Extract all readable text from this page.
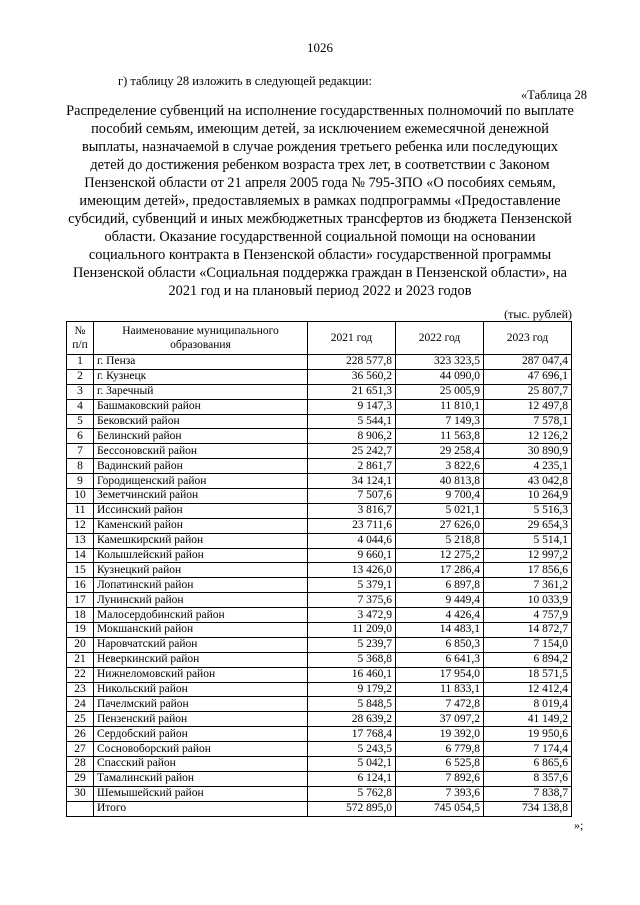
1026
г) таблицу 28 изложить в следующей редакции:
«Таблица 28

Распределение субвенций на исполнение государственных полномочий по выплате пособий семьям, имеющим детей, за исключением ежемесячной денежной выплаты, назначаемой в случае рождения третьего ребенка или последующих детей до достижения ребенком возраста трех лет, в соответствии с Законом Пензенской области от 21 апреля 2005 года № 795-ЗПО «О пособиях семьям, имеющим детей», предоставляемых в рамках подпрограммы «Предоставление субсидий, субвенций и иных межбюджетных трансфертов из бюджета Пензенской области. Оказание государственной социальной помощи на основании социального контракта в Пензенской области» государственной программы Пензенской области «Социальная поддержка граждан в Пензенской области», на 2021 год и на плановый период 2022 и 2023 годов

(тыс. рублей)
№ п/п	Наименование муниципального образования	2021 год	2022 год	2023 год
1	г. Пенза	228 577,8	323 323,5	287 047,4
2	г. Кузнецк	36 560,2	44 090,0	47 696,1
3	г. Заречный	21 651,3	25 005,9	25 807,7
4	Башмаковский район	9 147,3	11 810,1	12 497,8
5	Бековский район	5 544,1	7 149,3	7 578,1
6	Белинский район	8 906,2	11 563,8	12 126,2
7	Бессоновский район	25 242,7	29 258,4	30 890,9
8	Вадинский район	2 861,7	3 822,6	4 235,1
9	Городищенский район	34 124,1	40 813,8	43 042,8
10	Земетчинский район	7 507,6	9 700,4	10 264,9
11	Иссинский район	3 816,7	5 021,1	5 516,3
12	Каменский район	23 711,6	27 626,0	29 654,3
13	Камешкирский район	4 044,6	5 218,8	5 514,1
14	Колышлейский район	9 660,1	12 275,2	12 997,2
15	Кузнецкий район	13 426,0	17 286,4	17 856,6
16	Лопатинский район	5 379,1	6 897,8	7 361,2
17	Лунинский район	7 375,6	9 449,4	10 033,9
18	Малосердобинский район	3 472,9	4 426,4	4 757,9
19	Мокшанский район	11 209,0	14 483,1	14 872,7
20	Наровчатский район	5 239,7	6 850,3	7 154,0
21	Неверкинский район	5 368,8	6 641,3	6 894,2
22	Нижнеломовский район	16 460,1	17 954,0	18 571,5
23	Никольский район	9 179,2	11 833,1	12 412,4
24	Пачелмский район	5 848,5	7 472,8	8 019,4
25	Пензенский район	28 639,2	37 097,2	41 149,2
26	Сердобский район	17 768,4	19 392,0	19 950,6
27	Сосновоборский район	5 243,5	6 779,8	7 174,4
28	Спасский район	5 042,1	6 525,8	6 865,6
29	Тамалинский район	6 124,1	7 892,6	8 357,6
30	Шемышейский район	5 762,8	7 393,6	7 838,7
	Итого	572 895,0	745 054,5	734 138,8
»;
